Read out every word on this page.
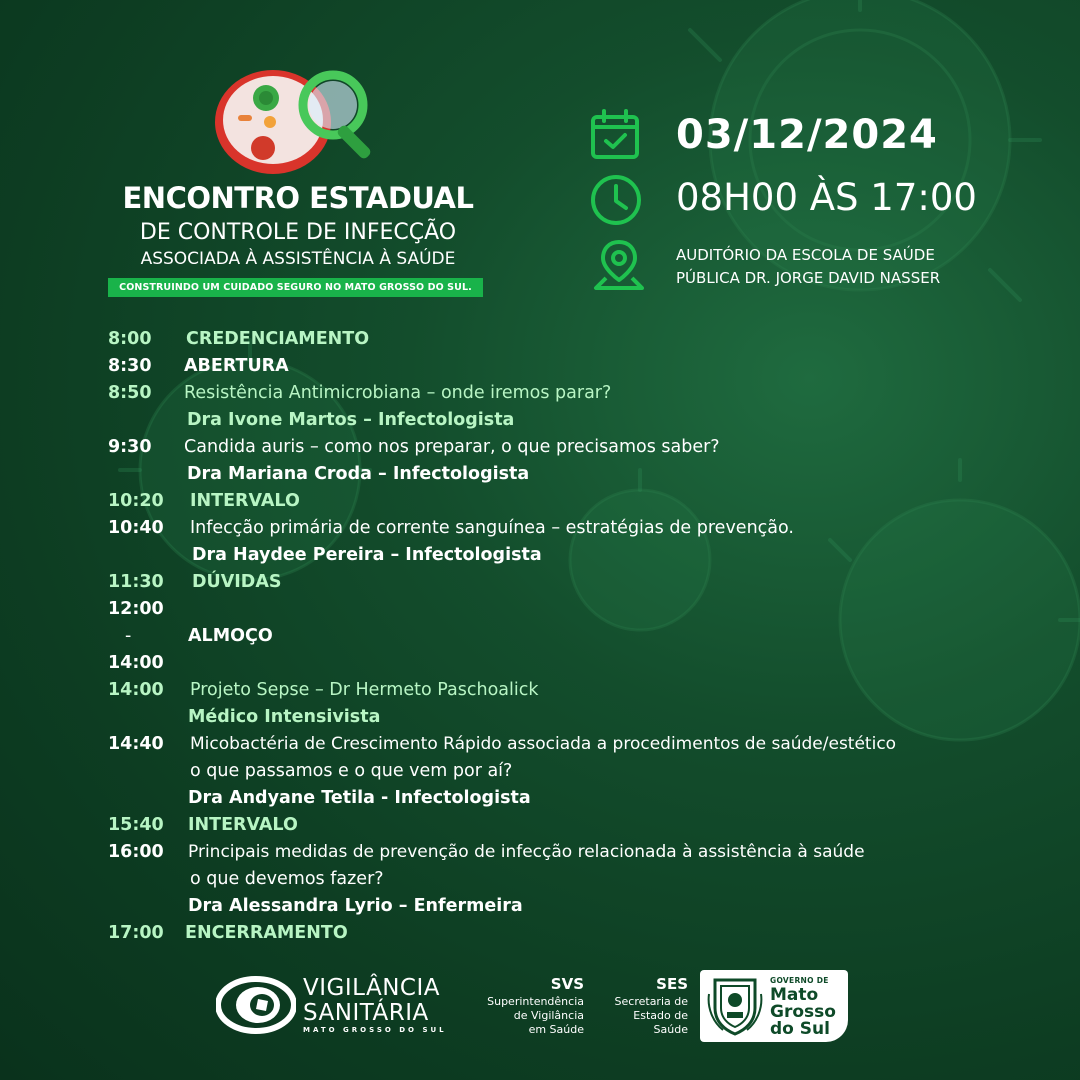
ENCONTRO ESTADUAL
DE CONTROLE DE INFECÇÃO
ASSOCIADA À ASSISTÊNCIA À SAÚDE
CONSTRUINDO UM CUIDADO SEGURO NO MATO GROSSO DO SUL.
03/12/2024
08H00 ÀS 17:00
AUDITÓRIO DA ESCOLA DE SAÚDE
PÚBLICA DR. JORGE DAVID NASSER
8:00 CREDENCIAMENTO
8:30 ABERTURA
8:50 Resistência Antimicrobiana – onde iremos parar?
Dra Ivone Martos – Infectologista
9:30 Candida auris – como nos preparar, o que precisamos saber?
Dra Mariana Croda – Infectologista
10:20 INTERVALO
10:40 Infecção primária de corrente sanguínea – estratégias de prevenção.
Dra Haydee Pereira – Infectologista
11:30 DÚVIDAS
12:00
-	ALMOÇO
14:00
14:00 Projeto Sepse – Dr Hermeto Paschoalick
Médico Intensivista
14:40 Micobactéria de Crescimento Rápido associada a procedimentos de saúde/estético
o que passamos e o que vem por aí?
Dra Andyane Tetila - Infectologista
15:40 INTERVALO
16:00 Principais medidas de prevenção de infecção relacionada à assistência à saúde
o que devemos fazer?
Dra Alessandra Lyrio – Enfermeira
17:00 ENCERRAMENTO
VIGILÂNCIA
SANITÁRIA
MATO GROSSO DO SUL
SVS
Superintendência
de Vigilância
em Saúde
SES
Secretaria de
Estado de
Saúde
GOVERNO DE
Mato
Grosso
do Sul
